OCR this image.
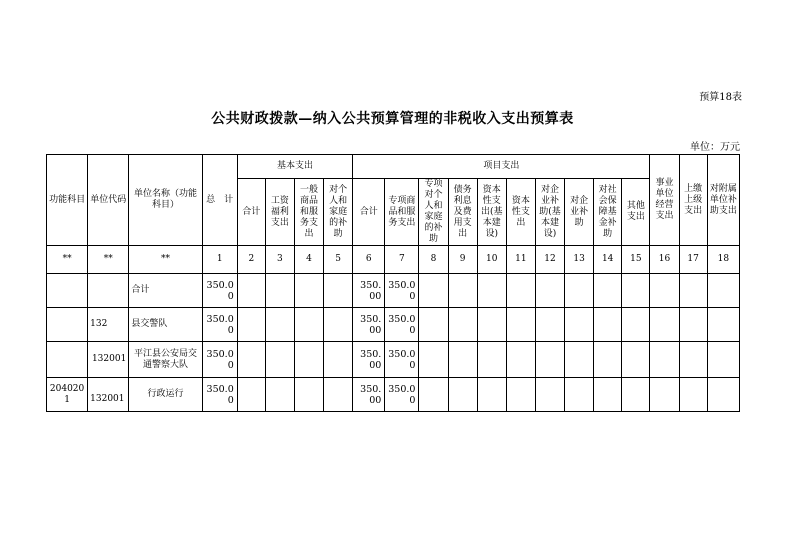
预算18表
公共财政拨款—纳入公共预算管理的非税收入支出预算表
单位：万元
功能科目	单位代码	单位名称（功能科目）	总　计	基本支出				项目支出										事业单位经营支出	上缴上级支出	对附属单位补助支出
				合计	工资福利支出	一般商品和服务支出	对个人和家庭的补助	合计	专项商品和服务支出	专项对个人和家庭的补助	债务利息及费用支出	资本性支出(基本建设)	资本性支出	对企业补助(基本建设)	对企业补助	对社会保障基金补助	其他支出			
**	**	**	1	2	3	4	5	6	7	8	9	10	11	12	13	14	15	16	17	18
		合计	350.00					350.00	350.00											
	132	县交警队	350.00					350.00	350.00											
	132001	平江县公安局交通警察大队	350.00					350.00	350.00											
2040201	132001	行政运行	350.00					350.00	350.00											
